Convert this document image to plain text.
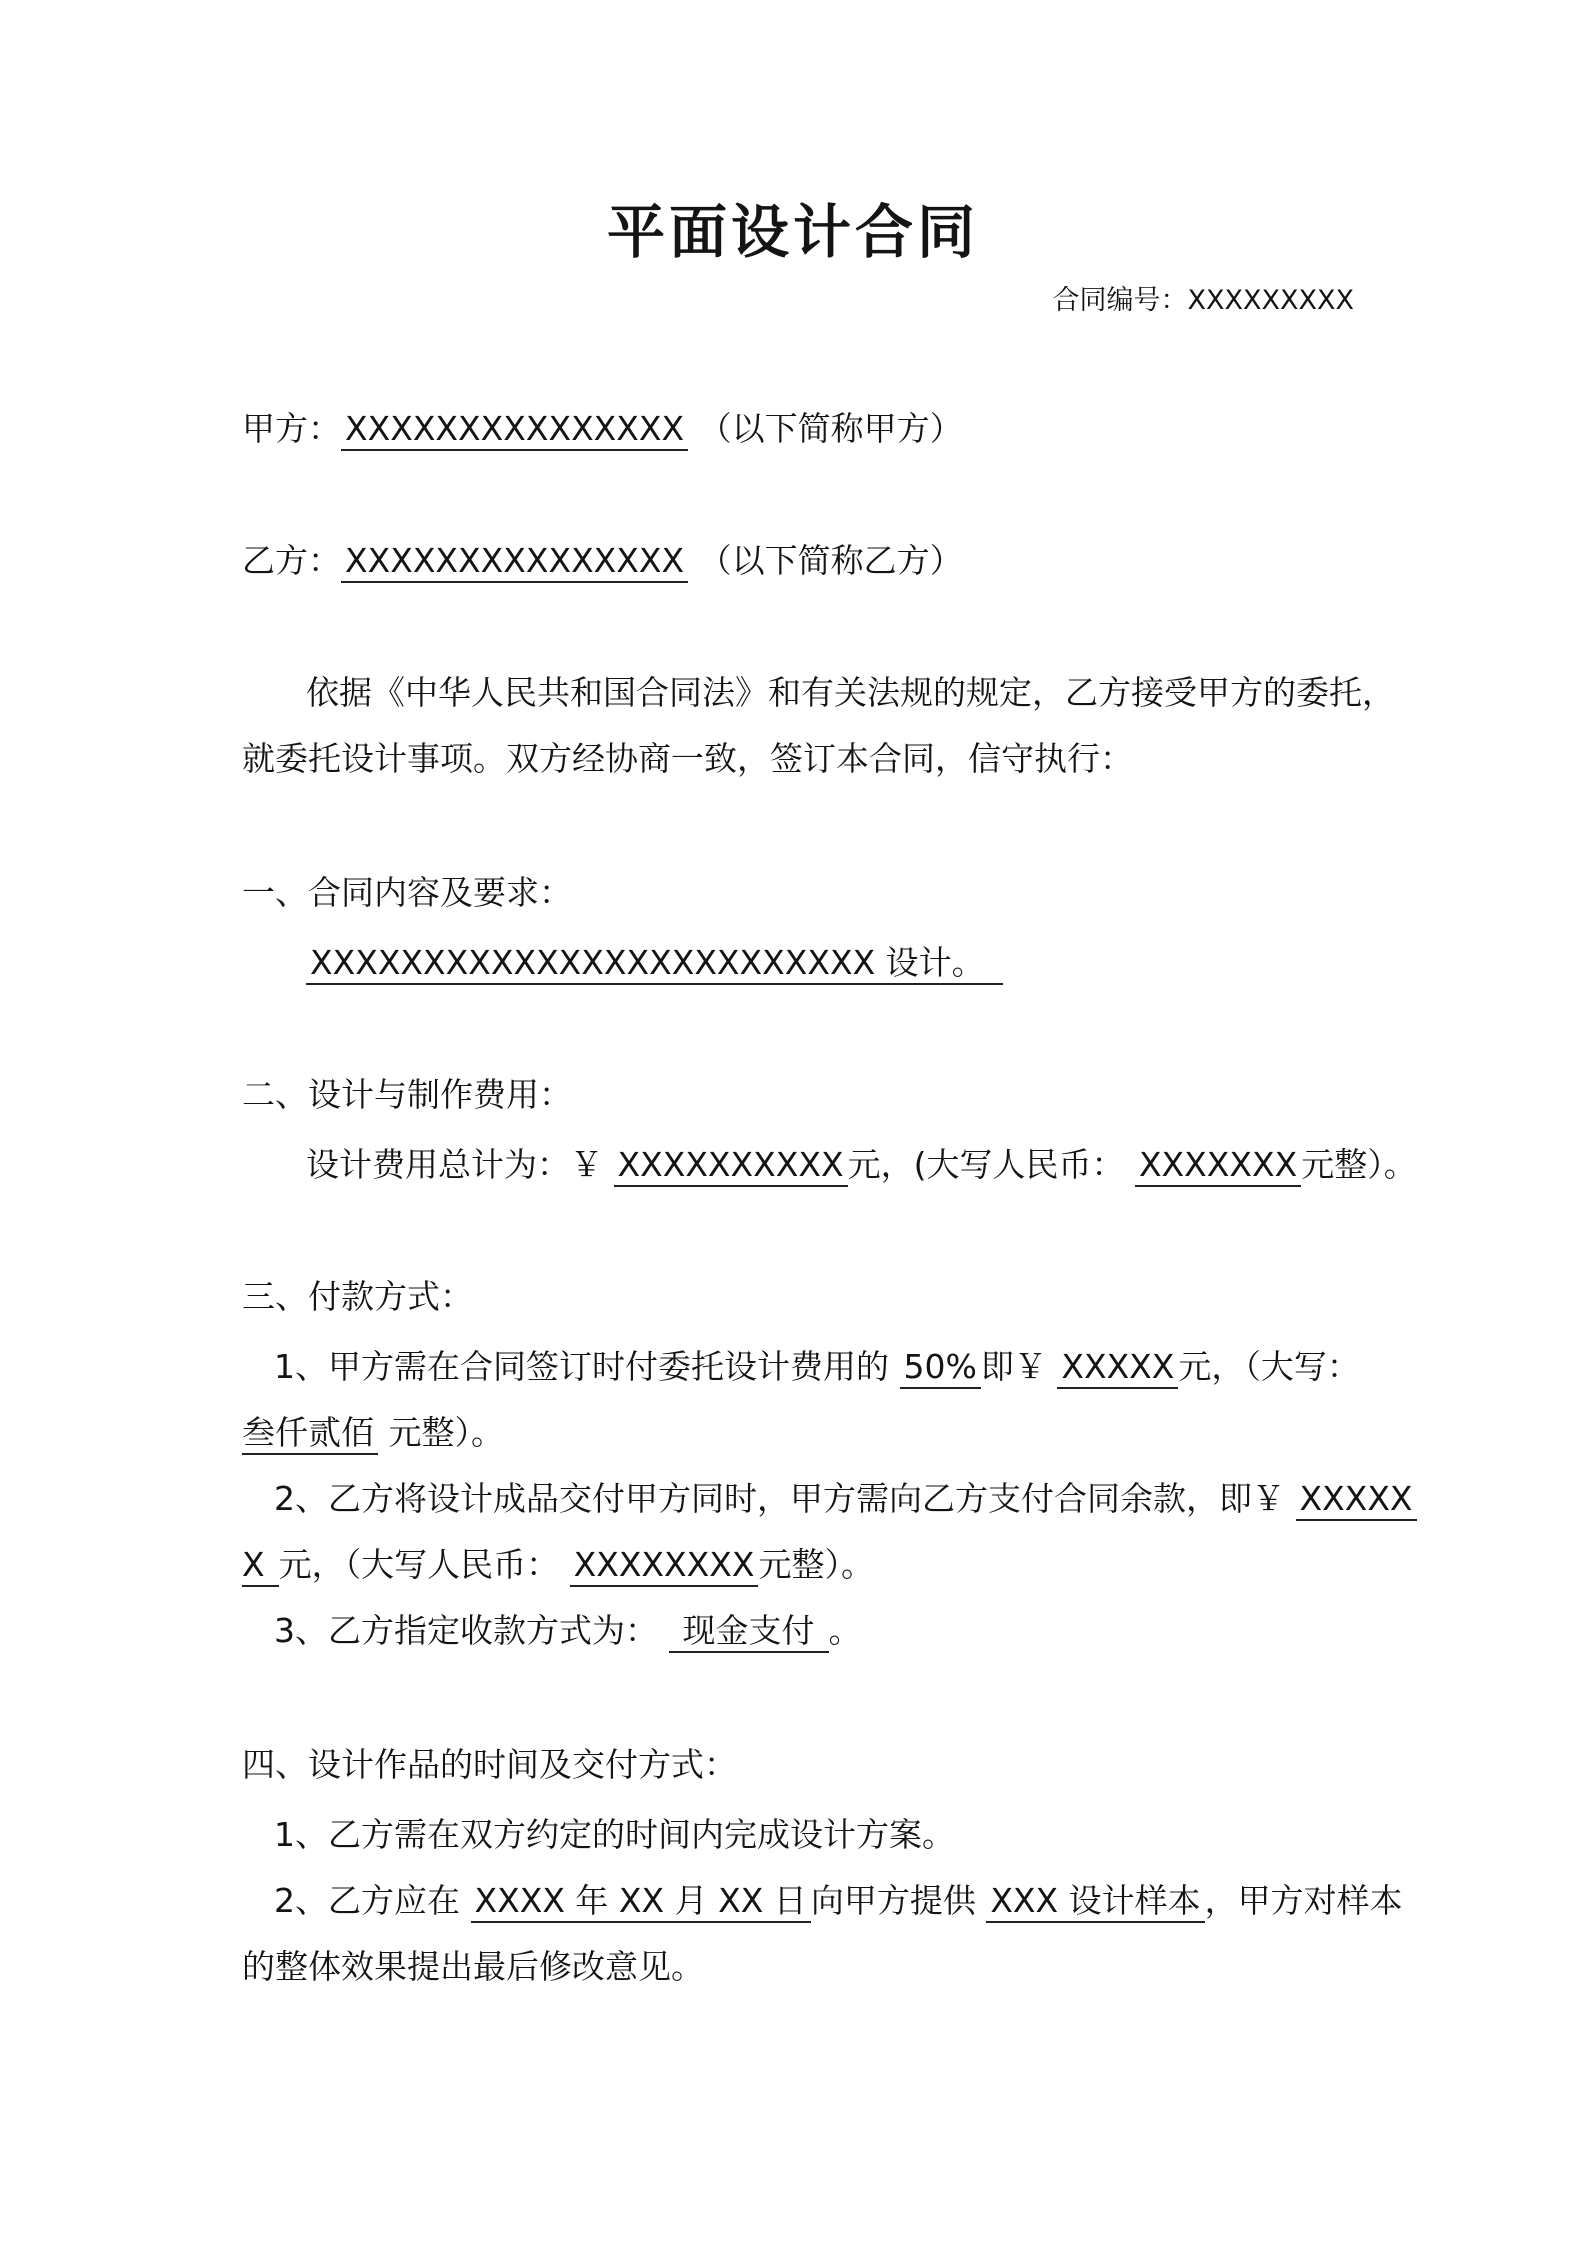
平面设计合同
合同编号：XXXXXXXXX
甲方： XXXXXXXXXXXXXXX （以下简称甲方）
乙方： XXXXXXXXXXXXXXX （以下简称乙方）
依据《中华人民共和国合同法》和有关法规的规定，乙方接受甲方的委托，
就委托设计事项。双方经协商一致，签订本合同，信守执行：
一、合同内容及要求：
XXXXXXXXXXXXXXXXXXXXXXXXX 设计。
二、设计与制作费用：
设计费用总计为：￥ XXXXXXXXXX 元，(大写人民币： XXXXXXX 元整）。
三、付款方式：
1、甲方需在合同签订时付委托设计费用的 50% 即￥ XXXXX 元，（大写：
叁仟贰佰 元整）。
2、乙方将设计成品交付甲方同时，甲方需向乙方支付合同余款，即￥ XXXXX
X 元，（大写人民币： XXXXXXXX 元整）。
3、乙方指定收款方式为： 现金支付 。
四、设计作品的时间及交付方式：
1、乙方需在双方约定的时间内完成设计方案。
2、乙方应在 XXXX 年 XX 月 XX 日 向甲方提供 XXX 设计样本 ，甲方对样本
的整体效果提出最后修改意见。
